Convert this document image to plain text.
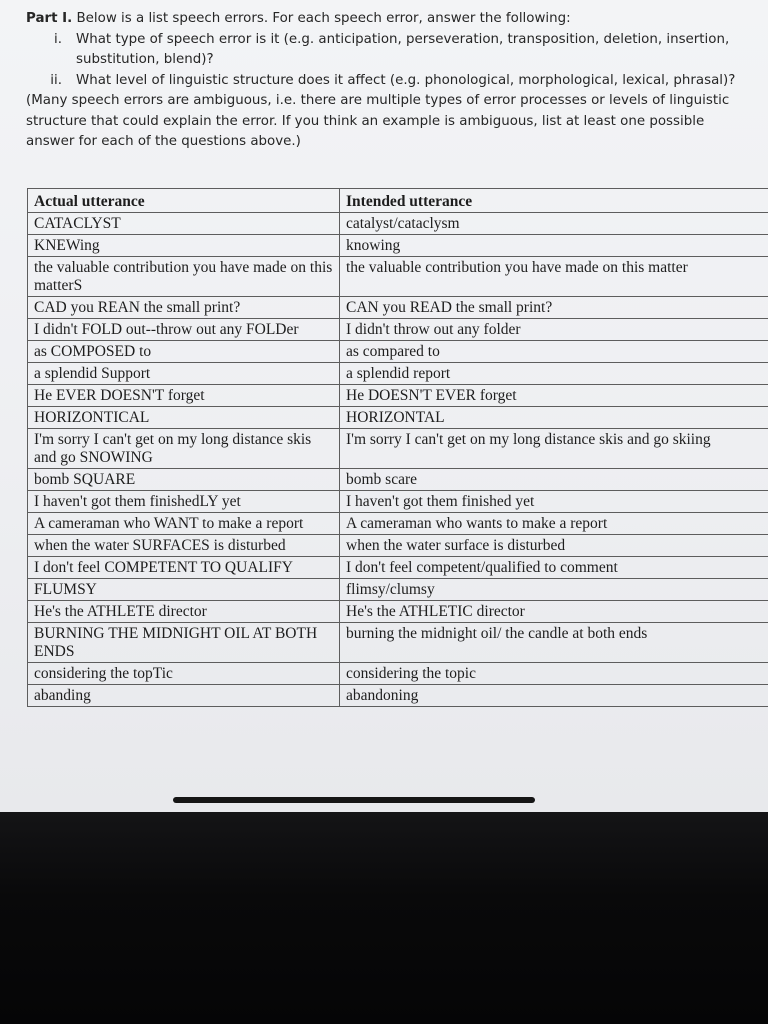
Part I. Below is a list speech errors. For each speech error, answer the following:
i.	What type of speech error is it (e.g. anticipation, perseveration, transposition, deletion, insertion, substitution, blend)?
ii.	What level of linguistic structure does it affect (e.g. phonological, morphological, lexical, phrasal)?
(Many speech errors are ambiguous, i.e. there are multiple types of error processes or levels of linguistic structure that could explain the error. If you think an example is ambiguous, list at least one possible answer for each of the questions above.)
Actual utterance	Intended utterance
CATACLYST	catalyst/cataclysm
KNEWing	knowing
the valuable contribution you have made on this matterS	the valuable contribution you have made on this matter
CAD you REAN the small print?	CAN you READ the small print?
I didn't FOLD out--throw out any FOLDer	I didn't throw out any folder
as COMPOSED to	as compared to
a splendid Support	a splendid report
He EVER DOESN'T forget	He DOESN'T EVER forget
HORIZONTICAL	HORIZONTAL
I'm sorry I can't get on my long distance skis and go SNOWING	I'm sorry I can't get on my long distance skis and go skiing
bomb SQUARE	bomb scare
I haven't got them finishedLY yet	I haven't got them finished yet
A cameraman who WANT to make a report	A cameraman who wants to make a report
when the water SURFACES is disturbed	when the water surface is disturbed
I don't feel COMPETENT TO QUALIFY	I don't feel competent/qualified to comment
FLUMSY	flimsy/clumsy
He's the ATHLETE director	He's the ATHLETIC director
BURNING THE MIDNIGHT OIL AT BOTH ENDS	burning the midnight oil/ the candle at both ends
considering the topTic	considering the topic
abanding	abandoning
